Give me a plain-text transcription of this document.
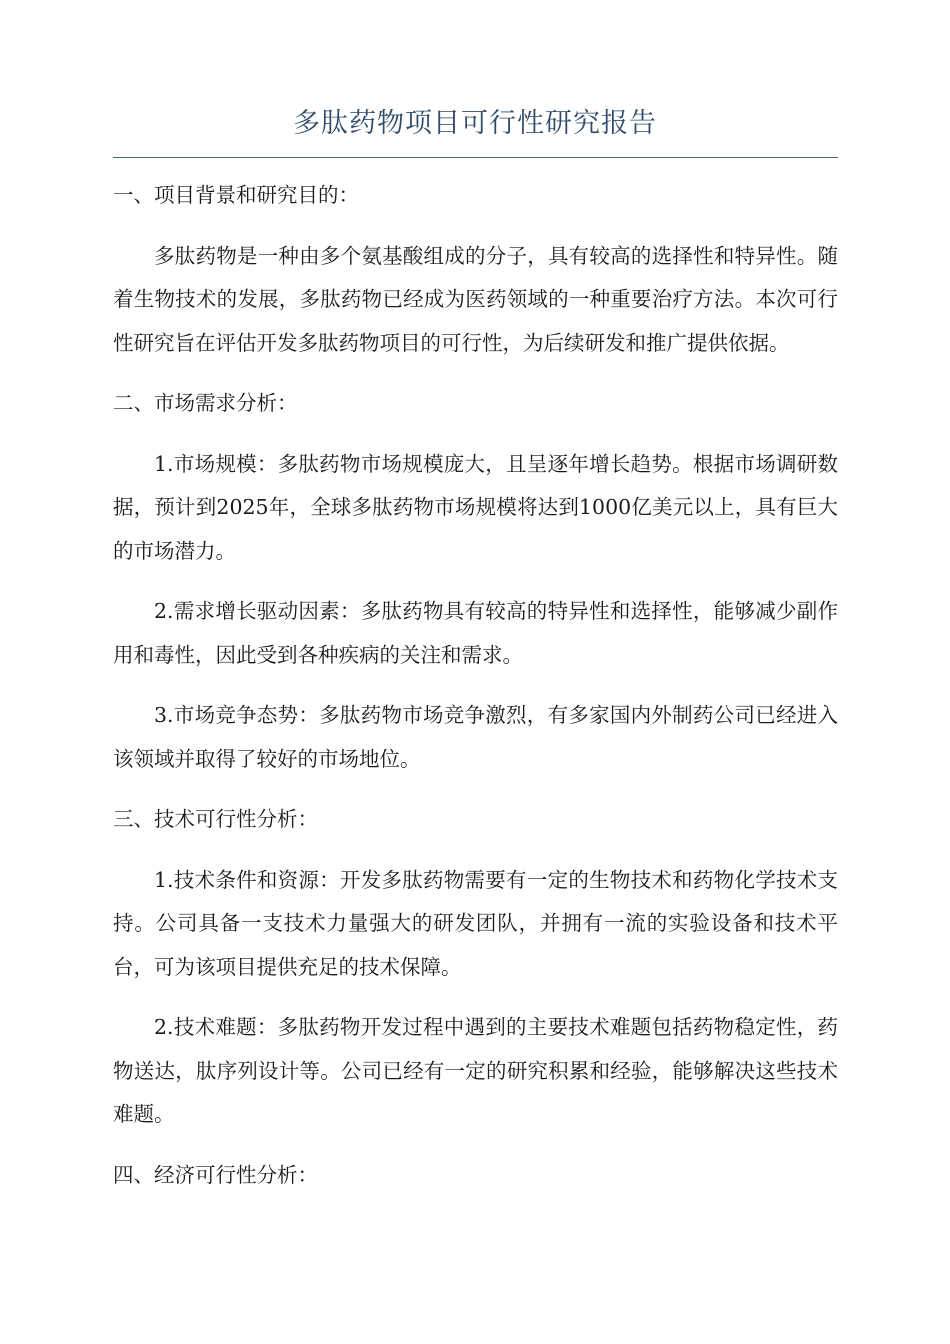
多肽药物项目可行性研究报告
一、项目背景和研究目的：
多肽药物是一种由多个氨基酸组成的分子，具有较高的选择性和特异性。随着生物技术的发展，多肽药物已经成为医药领域的一种重要治疗方法。本次可行性研究旨在评估开发多肽药物项目的可行性，为后续研发和推广提供依据。
二、市场需求分析：
1.市场规模：多肽药物市场规模庞大，且呈逐年增长趋势。根据市场调研数据，预计到2025年，全球多肽药物市场规模将达到1000亿美元以上，具有巨大的市场潜力。
2.需求增长驱动因素：多肽药物具有较高的特异性和选择性，能够减少副作用和毒性，因此受到各种疾病的关注和需求。
3.市场竞争态势：多肽药物市场竞争激烈，有多家国内外制药公司已经进入该领域并取得了较好的市场地位。
三、技术可行性分析：
1.技术条件和资源：开发多肽药物需要有一定的生物技术和药物化学技术支持。公司具备一支技术力量强大的研发团队，并拥有一流的实验设备和技术平台，可为该项目提供充足的技术保障。
2.技术难题：多肽药物开发过程中遇到的主要技术难题包括药物稳定性，药物送达，肽序列设计等。公司已经有一定的研究积累和经验，能够解决这些技术难题。
四、经济可行性分析：
